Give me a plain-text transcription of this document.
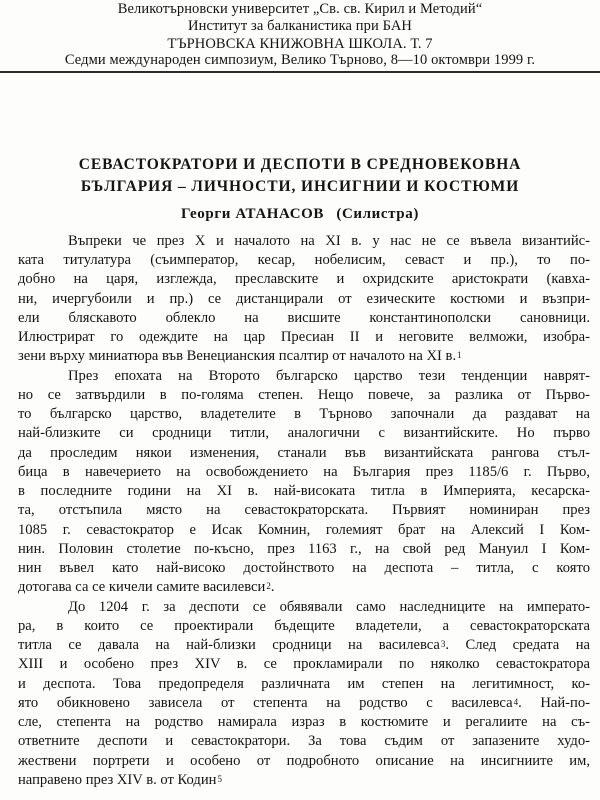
Великотърновски университет „Св. св. Кирил и Методий“
Институт за балканистика при БАН
ТЪРНОВСКА КНИЖОВНА ШКОЛА. Т. 7
Седми международен симпозиум, Велико Търново, 8—10 октомври 1999 г.
СЕВАСТОКРАТОРИ И ДЕСПОТИ В СРЕДНОВЕКОВНА
БЪЛГАРИЯ – ЛИЧНОСТИ, ИНСИГНИИ И КОСТЮМИ
Георги АТАНАСОВ (Силистра)
Въпреки че през Х и началото на XI в. у нас не се въвела византийс-
ката титулатура (съимператор, кесар, нобелисим, севаст и пр.), то по-
добно на царя, изглежда, преславските и охридските аристократи (кавха-
ни, ичергубоили и пр.) се дистанцирали от езическите костюми и възпри-
ели бляскавото облекло на висшите константинополски сановници.
Илюстрират го одеждите на цар Пресиан II и неговите велможи, изобра-
зени върху миниатюра във Венецианския псалтир от началото на XI в.$^1$
През епохата на Второто българско царство тези тенденции наврят-
но се затвърдили в по-голяма степен. Нещо повече, за разлика от Първо-
то българско царство, владетелите в Търново започнали да раздават на
най-близките си сродници титли, аналогични с византийските. Но първо
да проследим някои изменения, станали във византийската рангова стъл-
бица в навечерието на освобождението на България през 1185/6 г. Първо,
в последните години на XI в. най-високата титла в Империята, кесарска-
та, отстъпила място на севастократорската. Първият номиниран през
1085 г. севастократор е Исак Комнин, големият брат на Алексий I Ком-
нин. Половин столетие по-късно, през 1163 г., на свой ред Мануил I Ком-
нин въвел като най-високо достойнството на деспота – титла, с която
дотогава са се кичели самите василевси$^2$.
До 1204 г. за деспоти се обявявали само наследниците на императо-
ра, в които се проектирали бъдещите владетели, а севастократорската
титла се давала на най-близки сродници на василевса$^3$. След средата на
XIII и особено през XIV в. се прокламирали по няколко севастократора
и деспота. Това предопределя различната им степен на легитимност, ко-
ято обикновено зависела от степента на родство с василевса$^4$. Най-по-
сле, степента на родство намирала израз в костюмите и регалиите на съ-
ответните деспоти и севастократори. За това съдим от запазените худо-
жествени портрети и особено от подробното описание на инсигниите им,
направено през XIV в. от Кодин$^5$
